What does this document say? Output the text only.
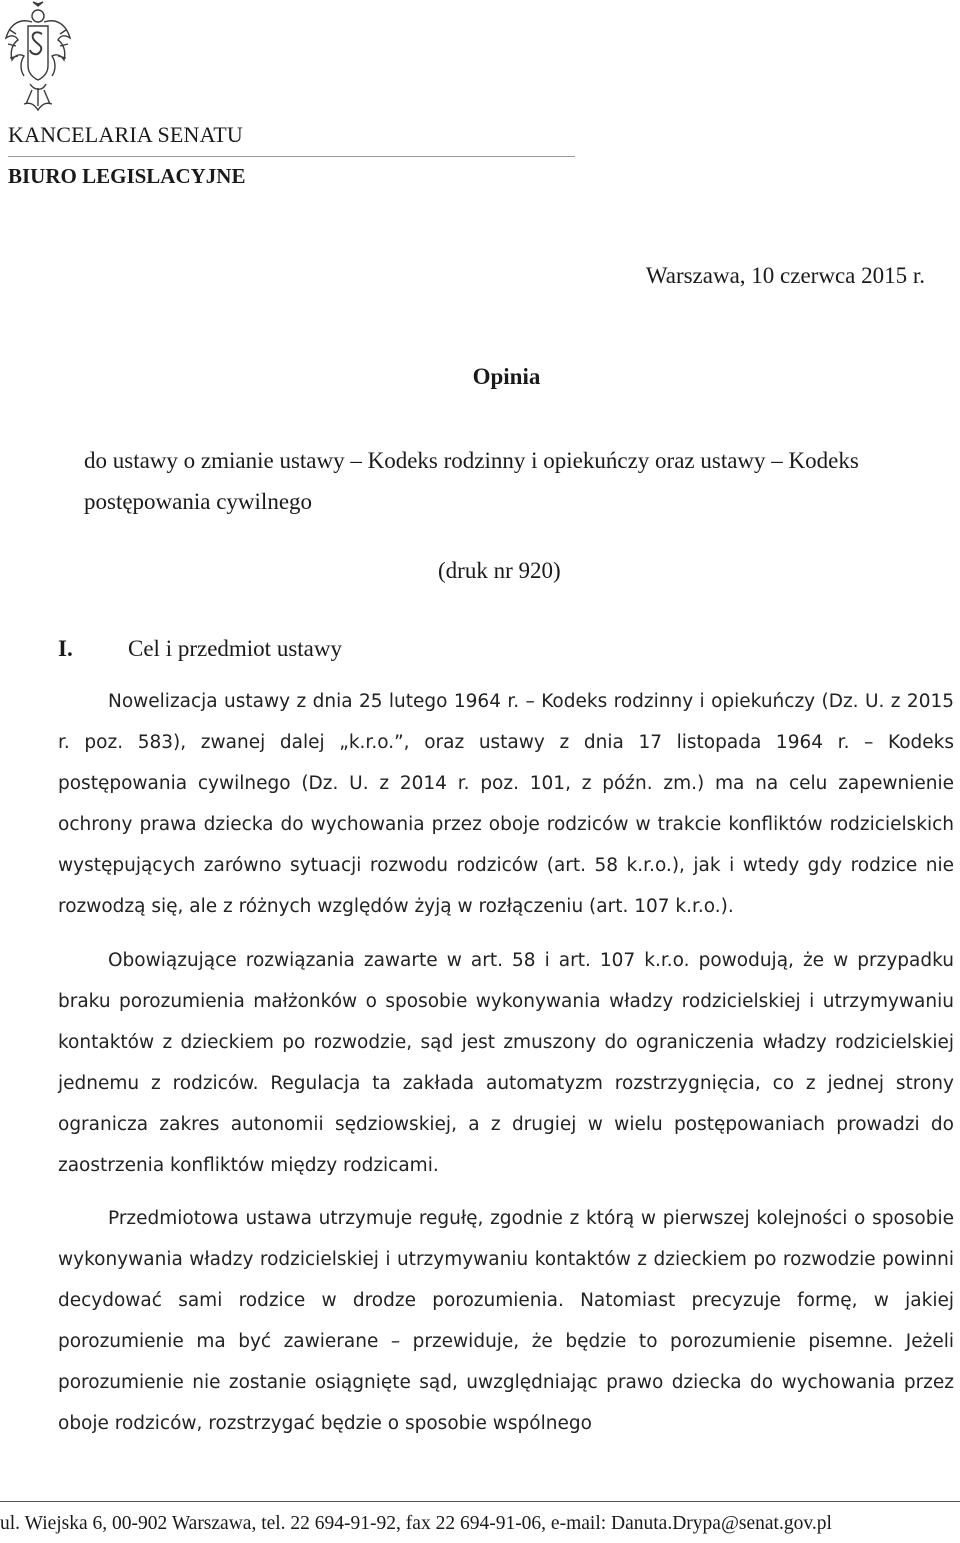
KANCELARIA SENATU
BIURO LEGISLACYJNE
Warszawa, 10 czerwca 2015 r.
Opinia
do ustawy o zmianie ustawy – Kodeks rodzinny i opiekuńczy oraz ustawy – Kodeks
postępowania cywilnego
(druk nr 920)
I. Cel i przedmiot ustawy

Nowelizacja ustawy z dnia 25 lutego 1964 r. – Kodeks rodzinny i opiekuńczy (Dz. U. z 2015 r. poz. 583), zwanej dalej „k.r.o.”, oraz ustawy z dnia 17 listopada 1964 r. – Kodeks postępowania cywilnego (Dz. U. z 2014 r. poz. 101, z późn. zm.) ma na celu zapewnienie ochrony prawa dziecka do wychowania przez oboje rodziców w trakcie konfliktów rodzicielskich występujących zarówno sytuacji rozwodu rodziców (art. 58 k.r.o.), jak i wtedy gdy rodzice nie rozwodzą się, ale z różnych względów żyją w rozłączeniu (art. 107 k.r.o.).

Obowiązujące rozwiązania zawarte w art. 58 i art. 107 k.r.o. powodują, że w przypadku braku porozumienia małżonków o sposobie wykonywania władzy rodzicielskiej i utrzymywaniu kontaktów z dzieckiem po rozwodzie, sąd jest zmuszony do ograniczenia władzy rodzicielskiej jednemu z rodziców. Regulacja ta zakłada automatyzm rozstrzygnięcia, co z jednej strony ogranicza zakres autonomii sędziowskiej, a z drugiej w wielu postępowaniach prowadzi do zaostrzenia konfliktów między rodzicami.

Przedmiotowa ustawa utrzymuje regułę, zgodnie z którą w pierwszej kolejności o sposobie wykonywania władzy rodzicielskiej i utrzymywaniu kontaktów z dzieckiem po rozwodzie powinni decydować sami rodzice w drodze porozumienia. Natomiast precyzuje formę, w jakiej porozumienie ma być zawierane – przewiduje, że będzie to porozumienie pisemne. Jeżeli porozumienie nie zostanie osiągnięte sąd, uwzględniając prawo dziecka do wychowania przez oboje rodziców, rozstrzygać będzie o sposobie wspólnego

ul. Wiejska 6, 00-902 Warszawa, tel. 22 694-91-92, fax 22 694-91-06, e-mail: Danuta.Drypa@senat.gov.pl
